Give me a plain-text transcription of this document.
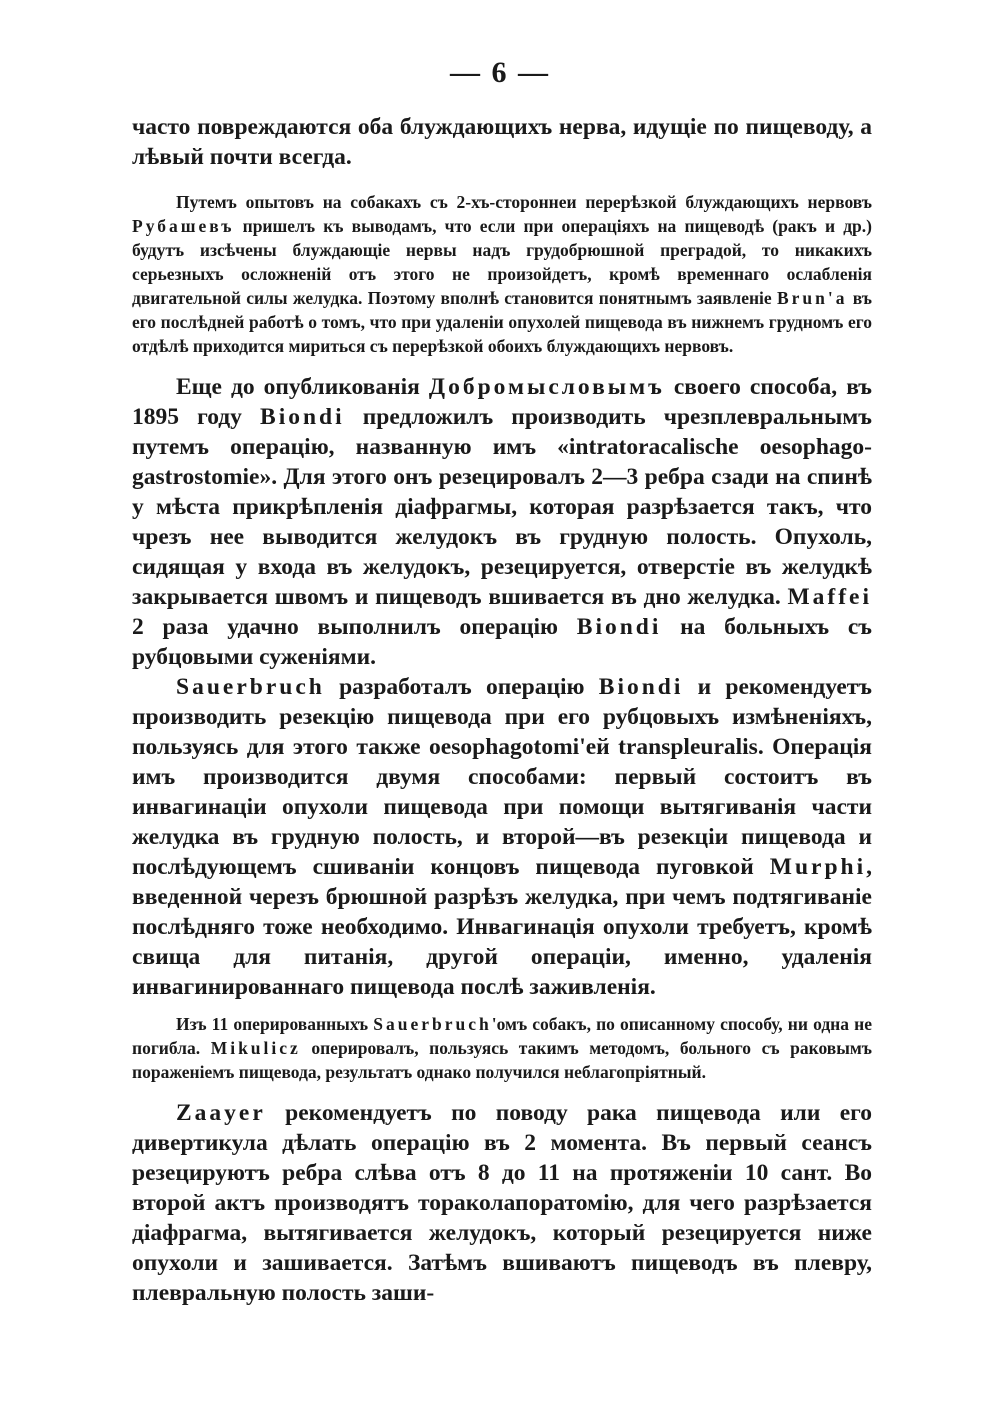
— 6 —

часто повреждаются оба блуждающихъ нерва, идущіе по пищеводу, а лѣвый почти всегда.

Путемъ опытовъ на собакахъ съ 2-хъ-стороннеи перерѣзкой блуждающихъ нервовъ Рубашевъ пришелъ къ выводамъ, что если при операціяхъ на пищеводѣ (ракъ и др.) будутъ изсѣчены блуждающіе нервы надъ грудобрюшной преградой, то никакихъ серьезныхъ осложненій отъ этого не произойдетъ, кромѣ временнаго ослабленія двигательной силы желудка. Поэтому вполнѣ становится понятнымъ заявленіе Brun'a въ его послѣдней работѣ о томъ, что при удаленіи опухолей пищевода въ нижнемъ грудномъ его отдѣлѣ приходится мириться съ перерѣзкой обоихъ блуждающихъ нервовъ.

Еще до опубликованія Добромысловымъ своего способа, въ 1895 году Biondi предложилъ производить чрезплевральнымъ путемъ операцію, названную имъ «intratoracalische oesophago-gastrostomie». Для этого онъ резецировалъ 2—3 ребра сзади на спинѣ у мѣста прикрѣпленія діафрагмы, которая разрѣзается такъ, что чрезъ нее выводится желудокъ въ грудную полость. Опухоль, сидящая у входа въ желудокъ, резецируется, отверстіе въ желудкѣ закрывается швомъ и пищеводъ вшивается въ дно желудка. Maffei 2 раза удачно выполнилъ операцію Biondi на больныхъ съ рубцовыми суженіями.

Sauerbruch разработалъ операцію Biondi и рекомендуетъ производить резекцію пищевода при его рубцовыхъ измѣненіяхъ, пользуясь для этого также oesophagotomi'ей transpleuralis. Операція имъ производится двумя способами: первый состоитъ въ инвагинаціи опухоли пищевода при помощи вытягиванія части желудка въ грудную полость, и второй—въ резекціи пищевода и послѣдующемъ сшиваніи концовъ пищевода пуговкой Murphi, введенной черезъ брюшной разрѣзъ желудка, при чемъ подтягиваніе послѣдняго тоже необходимо. Инвагинація опухоли требуетъ, кромѣ свища для питанія, другой операціи, именно, удаленія инвагинированнаго пищевода послѣ заживленія.

Изъ 11 оперированныхъ Sauerbruch'омъ собакъ, по описанному способу, ни одна не погибла. Mikulicz оперировалъ, пользуясь такимъ методомъ, больного съ раковымъ пораженіемъ пищевода, результатъ однако получился неблагопріятный.

Zaayer рекомендуетъ по поводу рака пищевода или его дивертикула дѣлать операцію въ 2 момента. Въ первый сеансъ резецируютъ ребра слѣва отъ 8 до 11 на протяженіи 10 сант. Во второй актъ производятъ тораколапоратомію, для чего разрѣзается діафрагма, вытягивается желудокъ, который резецируется ниже опухоли и зашивается. Затѣмъ вшиваютъ пищеводъ въ плевру, плевральную полость заши-
